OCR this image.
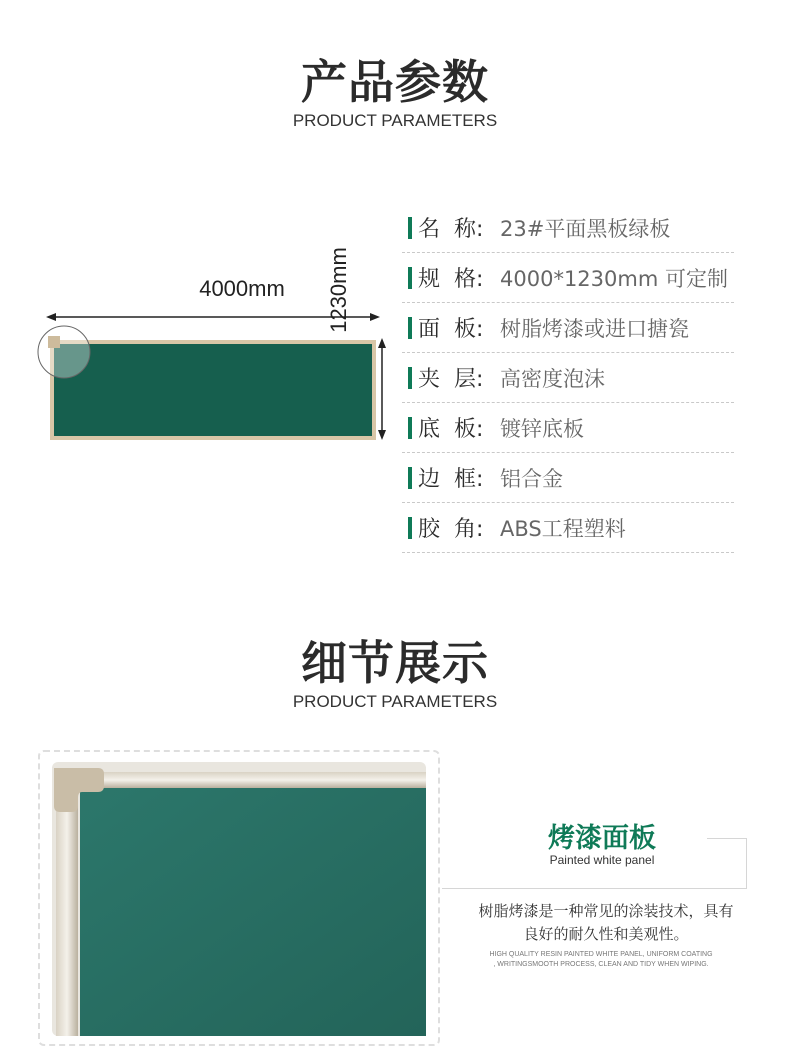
产品参数
PRODUCT PARAMETERS
4000mm	1230mm
名  称: 23#平面黑板绿板
规  格: 4000*1230mm 可定制
面  板: 树脂烤漆或进口搪瓷
夹  层: 高密度泡沫
底  板: 镀锌底板
边  框: 铝合金
胶  角: ABS工程塑料
细节展示
PRODUCT PARAMETERS
烤漆面板
Painted white panel
树脂烤漆是一种常见的涂装技术，具有
良好的耐久性和美观性。
HIGH QUALITY RESIN PAINTED WHITE PANEL, UNIFORM COATING
, WRITINGSMOOTH PROCESS, CLEAN AND TIDY WHEN WIPING.
